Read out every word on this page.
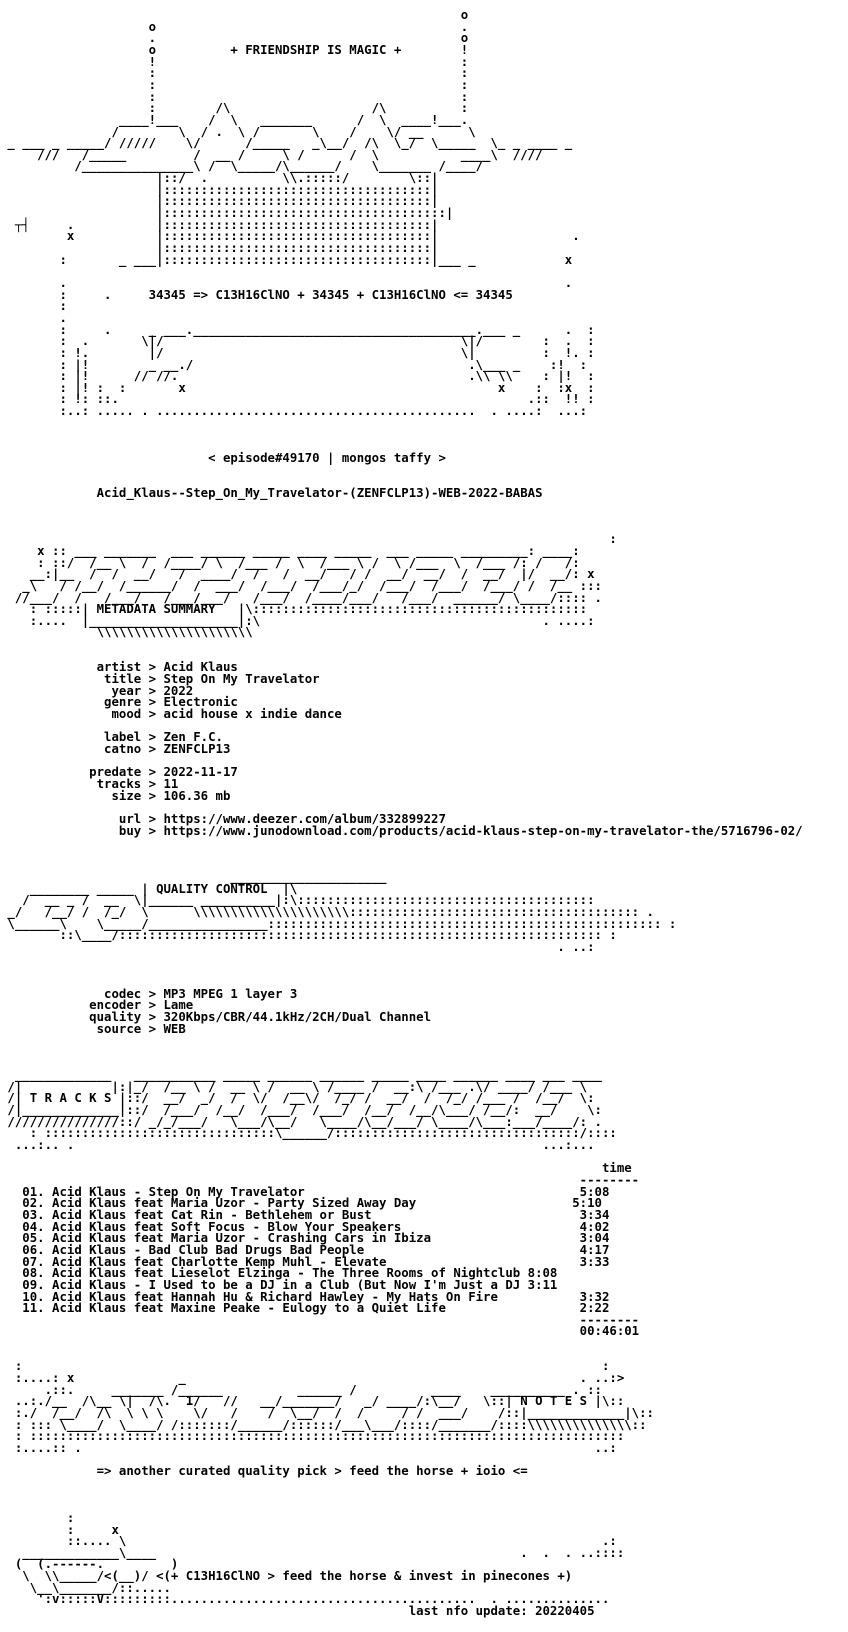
o
o                                         .
.                                         o
o          + FRIENDSHIP IS MAGIC +        !
!                                         :
:                                         :
:                                         :
:                                         :
:        /\                   /\          :
____!___    /  \   _______      /  \  ____!___.
/        \  / .  \ /       \    /    \/ __      \
_ ___ _ _____/ /////    \/      /_____   _\__/  /\  \_/  \_____  \_ _ ____ _
///   /_____         /  __ /     \ /      /  \           ____\  ////
/_______________\ /  \_____/\______/    \_______ /____/
|::/  .          \\.:::::/        \::|
|::::::::::::::::::::::::::::::::::::|
|::::::::::::::::::::::::::::::::::::|
|::::::::::::::::::::::::::::::::::::::|
┬┤     .           |::::::::::::::::::::::::::::::::::::|
x           |::::::::::::::::::::::::::::::::::::|                  .
|::::::::::::::::::::::::::::::::::::|
:       _ ___|::::::::::::::::::::::::::::::::::::|___ _            x
.                                                                   .
:     .     34345 => C13H16ClNO + 34345 + C13H16ClNO <= 34345
:
.
:     .     _ ___.______________________________________.___ _      .  :
:  .       \|/                                        \|/        :  .  :
: !.        |/                                        \|         :  !. :
: |!        _ __./                                     .\___ _    :!  :
: |!      // //.                                       .\\ \\    : |!  :
: |! :  :       x                                          x    :  :x  :
: !: ::.                                                       .::  !! :
:..: ..... . ...........................................  . ....:  ...:
< episode#49170 | mongos taffy >
Acid_Klaus--Step_On_My_Travelator-(ZENFCLP13)-WEB-2022-BABAS
:
x :: ___ _______  ___ ______ _____ ____ _____  ___ _____ _________: ____:
: ::/  /__ \  /  /____/ \  /___ /  \  /___ \ /  \ /___  \  /___ /: /   /:
__:|__  /  /  __/   /  ____/  /   /  __/   / /  __/  __/  /  __/  |/  __/: x
_\   / /__/  /______/  /  ___/  /___/  /___/_/  /___/  /___/  /___/ /  /__ :::
//___/  /   /___/   /___/___/   /___/  /____/___/   /___/  ______/ \____/:::: .
: :::::| METADATA SUMMARY   |\:::::::::::::::::::::::::::::::::::::::::::::
:....  |____________________|:\                                      . ....:
\\\\\\\\\\\\\\\\\\\\\
artist > Acid Klaus
title > Step On My Travelator
year > 2022
genre > Electronic
mood > acid house x indie dance
label > Zen F.C.
catno > ZENFCLP13
predate > 2022-11-17
tracks > 11
size > 106.36 mb
url > https://www.deezer.com/album/332899227
buy > https://www.junodownload.com/products/acid-klaus-step-on-my-travelator-the/5716796-02/
_____________________
________ _____ | QUALITY CONTROL  |\
/  __ _ /  __  \|______ __________|:\::::::::::::::::::::::::::::::::::::::::
_/   /__/ /  /_/  \      \\\\\\\\\\\\\\\\\\\\\::::::::::::::::::::::::::::::::::::::: .
\______\    \_____/________________::::::::::::::::::::::::::::::::::::::::::::::::::::: :
::\____/::::::::::::::::::::::::::::::::::::::::::::::::::::::::::::::::: :
. ..:
codec > MP3 MPEG 1 layer 3
encoder > Lame
quality > 320Kbps/CBR/44.1kHz/2CH/Dual Channel
source > WEB
_____________   ___________ _____ ______ ______ _____ ____ ______ ____ ___ ____
/|            |:|_/  /__ \ /  __ \ /  __ \ /____ /  __:\ /___ .\/ ____/ /___ \
/| T R A C K S |::/  __/  _/  /  \/  /__\/  /_/ /  __/  /  /_/ /___ /  /__/  \:
/|_____________|::/  /___/  /__/  /___/  /___/  /__/  /__/\___/ /__/:  __/    \:
///////////////::/ _/_/___/   \___/\__/   \____/\__/___/ \____/\___:___/____/: .
: :::::::::::::::::::::::::::::::\______/:::::::::::::::::::::::::::::::::/::::
...:.. .                                                               ...:...
time
--------
01. Acid Klaus - Step On My Travelator                                     5:08
02. Acid Klaus feat Maria Uzor - Party Sized Away Day                     5:10
03. Acid Klaus feat Cat Rin - Bethlehem or Bust                            3:34
04. Acid Klaus feat Soft Focus - Blow Your Speakers                        4:02
05. Acid Klaus feat Maria Uzor - Crashing Cars in Ibiza                    3:04
06. Acid Klaus - Bad Club Bad Drugs Bad People                             4:17
07. Acid Klaus feat Charlotte Kemp Muhl - Elevate                          3:33
08. Acid Klaus feat Lieselot Elzinga - The Three Rooms of Nightclub 8:08
09. Acid Klaus - I Used to be a DJ in a Club (But Now I'm Just a DJ 3:11
10. Acid Klaus feat Hannah Hu & Richard Hawley - My Hats On Fire           3:32
11. Acid Klaus feat Maxine Peake - Eulogy to a Quiet Life                  2:22
--------
00:46:01
:                                                                              :
:....: x              _                                                     . ..:>
.::.     _______ /______          ______ /          ____    __________ . ::
..:./__  /\__ \|  /\.  1/   //   __/_______/   _/ ____/:\__/   \::| N O T E S |\::
:./  /__/  /\  \ \ \    \/   /    /  \__/  /  /     / /  ___/    /::|_____________|\::
: ::: \____/  \____/ /:::::::/______/::::::/___\___/::::/_______/::::\\\\\\\\\\\\\\::
: ::::::::::::::::::::::::::::::::::::::::::::::::::::::::::::::::::::::::::::::::
:....:: .                                                                     ..:
=> another curated quality pick > feed the horse + ioio <=
:
:     x
::.... \                                                                .:
_____________\____                                                 .  .  . ..::::
(  (.------.         )
\  \\_____/<(__)/ <(+ C13H16ClNO > feed the horse & invest in pinecones +)
\__\_______/::.....
':v:::::V:::::::::.........................................  . ..............
last nfo update: 20220405
